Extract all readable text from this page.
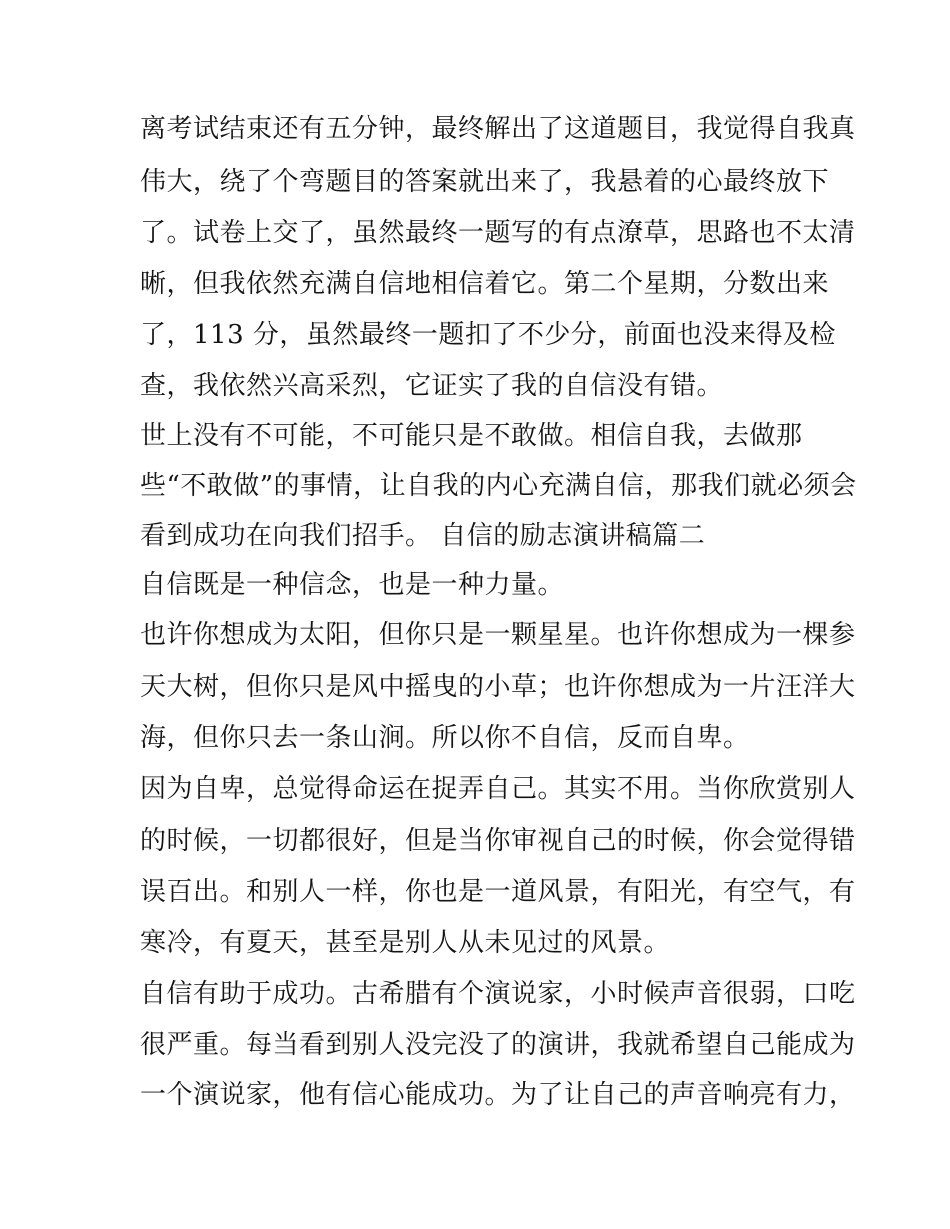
离考试结束还有五分钟，最终解出了这道题目，我觉得自我真

伟大，绕了个弯题目的答案就出来了，我悬着的心最终放下

了。试卷上交了，虽然最终一题写的有点潦草，思路也不太清

晰，但我依然充满自信地相信着它。第二个星期，分数出来

了，113 分，虽然最终一题扣了不少分，前面也没来得及检

查，我依然兴高采烈，它证实了我的自信没有错。

世上没有不可能，不可能只是不敢做。相信自我，去做那

些“不敢做”的事情，让自我的内心充满自信，那我们就必须会

看到成功在向我们招手。 自信的励志演讲稿篇二

自信既是一种信念，也是一种力量。

也许你想成为太阳，但你只是一颗星星。也许你想成为一棵参

天大树，但你只是风中摇曳的小草；也许你想成为一片汪洋大

海，但你只去一条山涧。所以你不自信，反而自卑。

因为自卑，总觉得命运在捉弄自己。其实不用。当你欣赏别人

的时候，一切都很好，但是当你审视自己的时候，你会觉得错

误百出。和别人一样，你也是一道风景，有阳光，有空气，有

寒冷，有夏天，甚至是别人从未见过的风景。

自信有助于成功。古希腊有个演说家，小时候声音很弱，口吃

很严重。每当看到别人没完没了的演讲，我就希望自己能成为

一个演说家，他有信心能成功。为了让自己的声音响亮有力，
